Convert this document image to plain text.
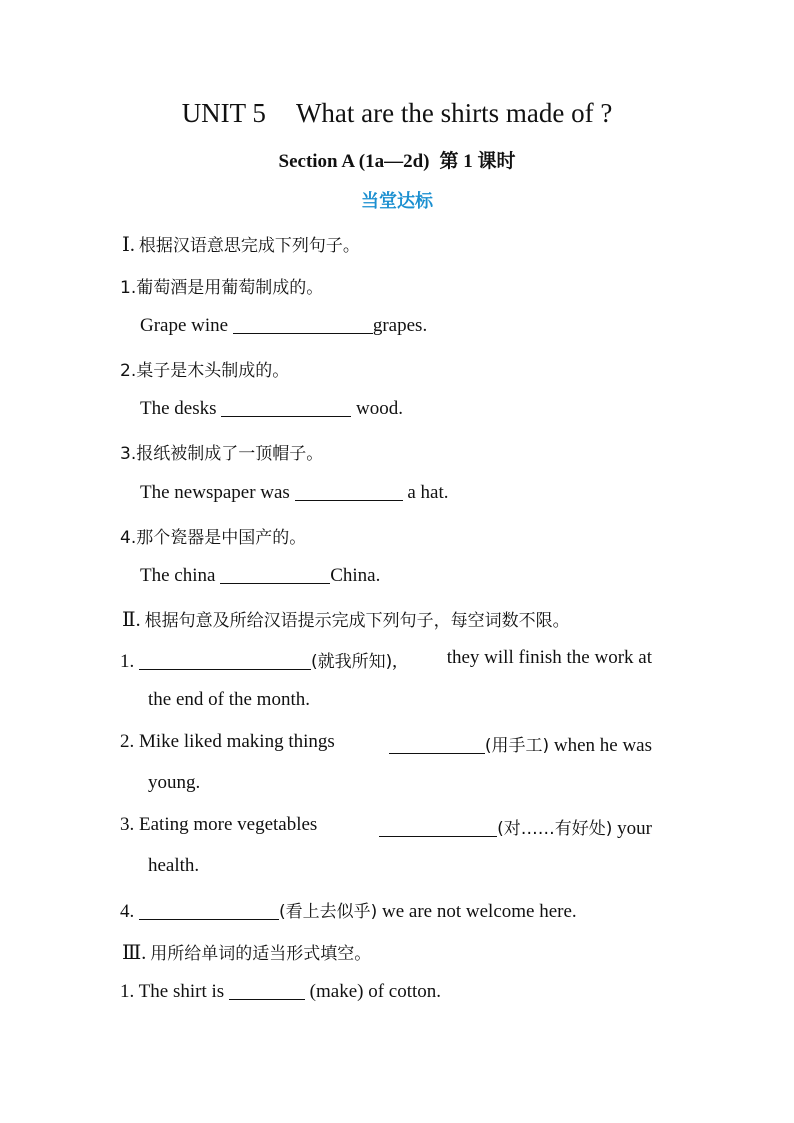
UNIT 5 What are the shirts made of ?
Section A (1a—2d) 第 1 课时
当堂达标
Ⅰ. 根据汉语意思完成下列句子。
1.葡萄酒是用葡萄制成的。
Grape wine	grapes.
2.桌子是木头制成的。
The desks	wood.
3.报纸被制成了一顶帽子。
The newspaper was	a hat.
4.那个瓷器是中国产的。
The china	China.
Ⅱ. 根据句意及所给汉语提示完成下列句子，每空词数不限。
1.	(就我所知),	they will finish the work at
the end of the month.
2. Mike liked making things	(用手工) when he was
young.
3. Eating more vegetables	(对……有好处) your
health.
4.	(看上去似乎) we are not welcome here.
Ⅲ. 用所给单词的适当形式填空。
1. The shirt is	(make) of cotton.
